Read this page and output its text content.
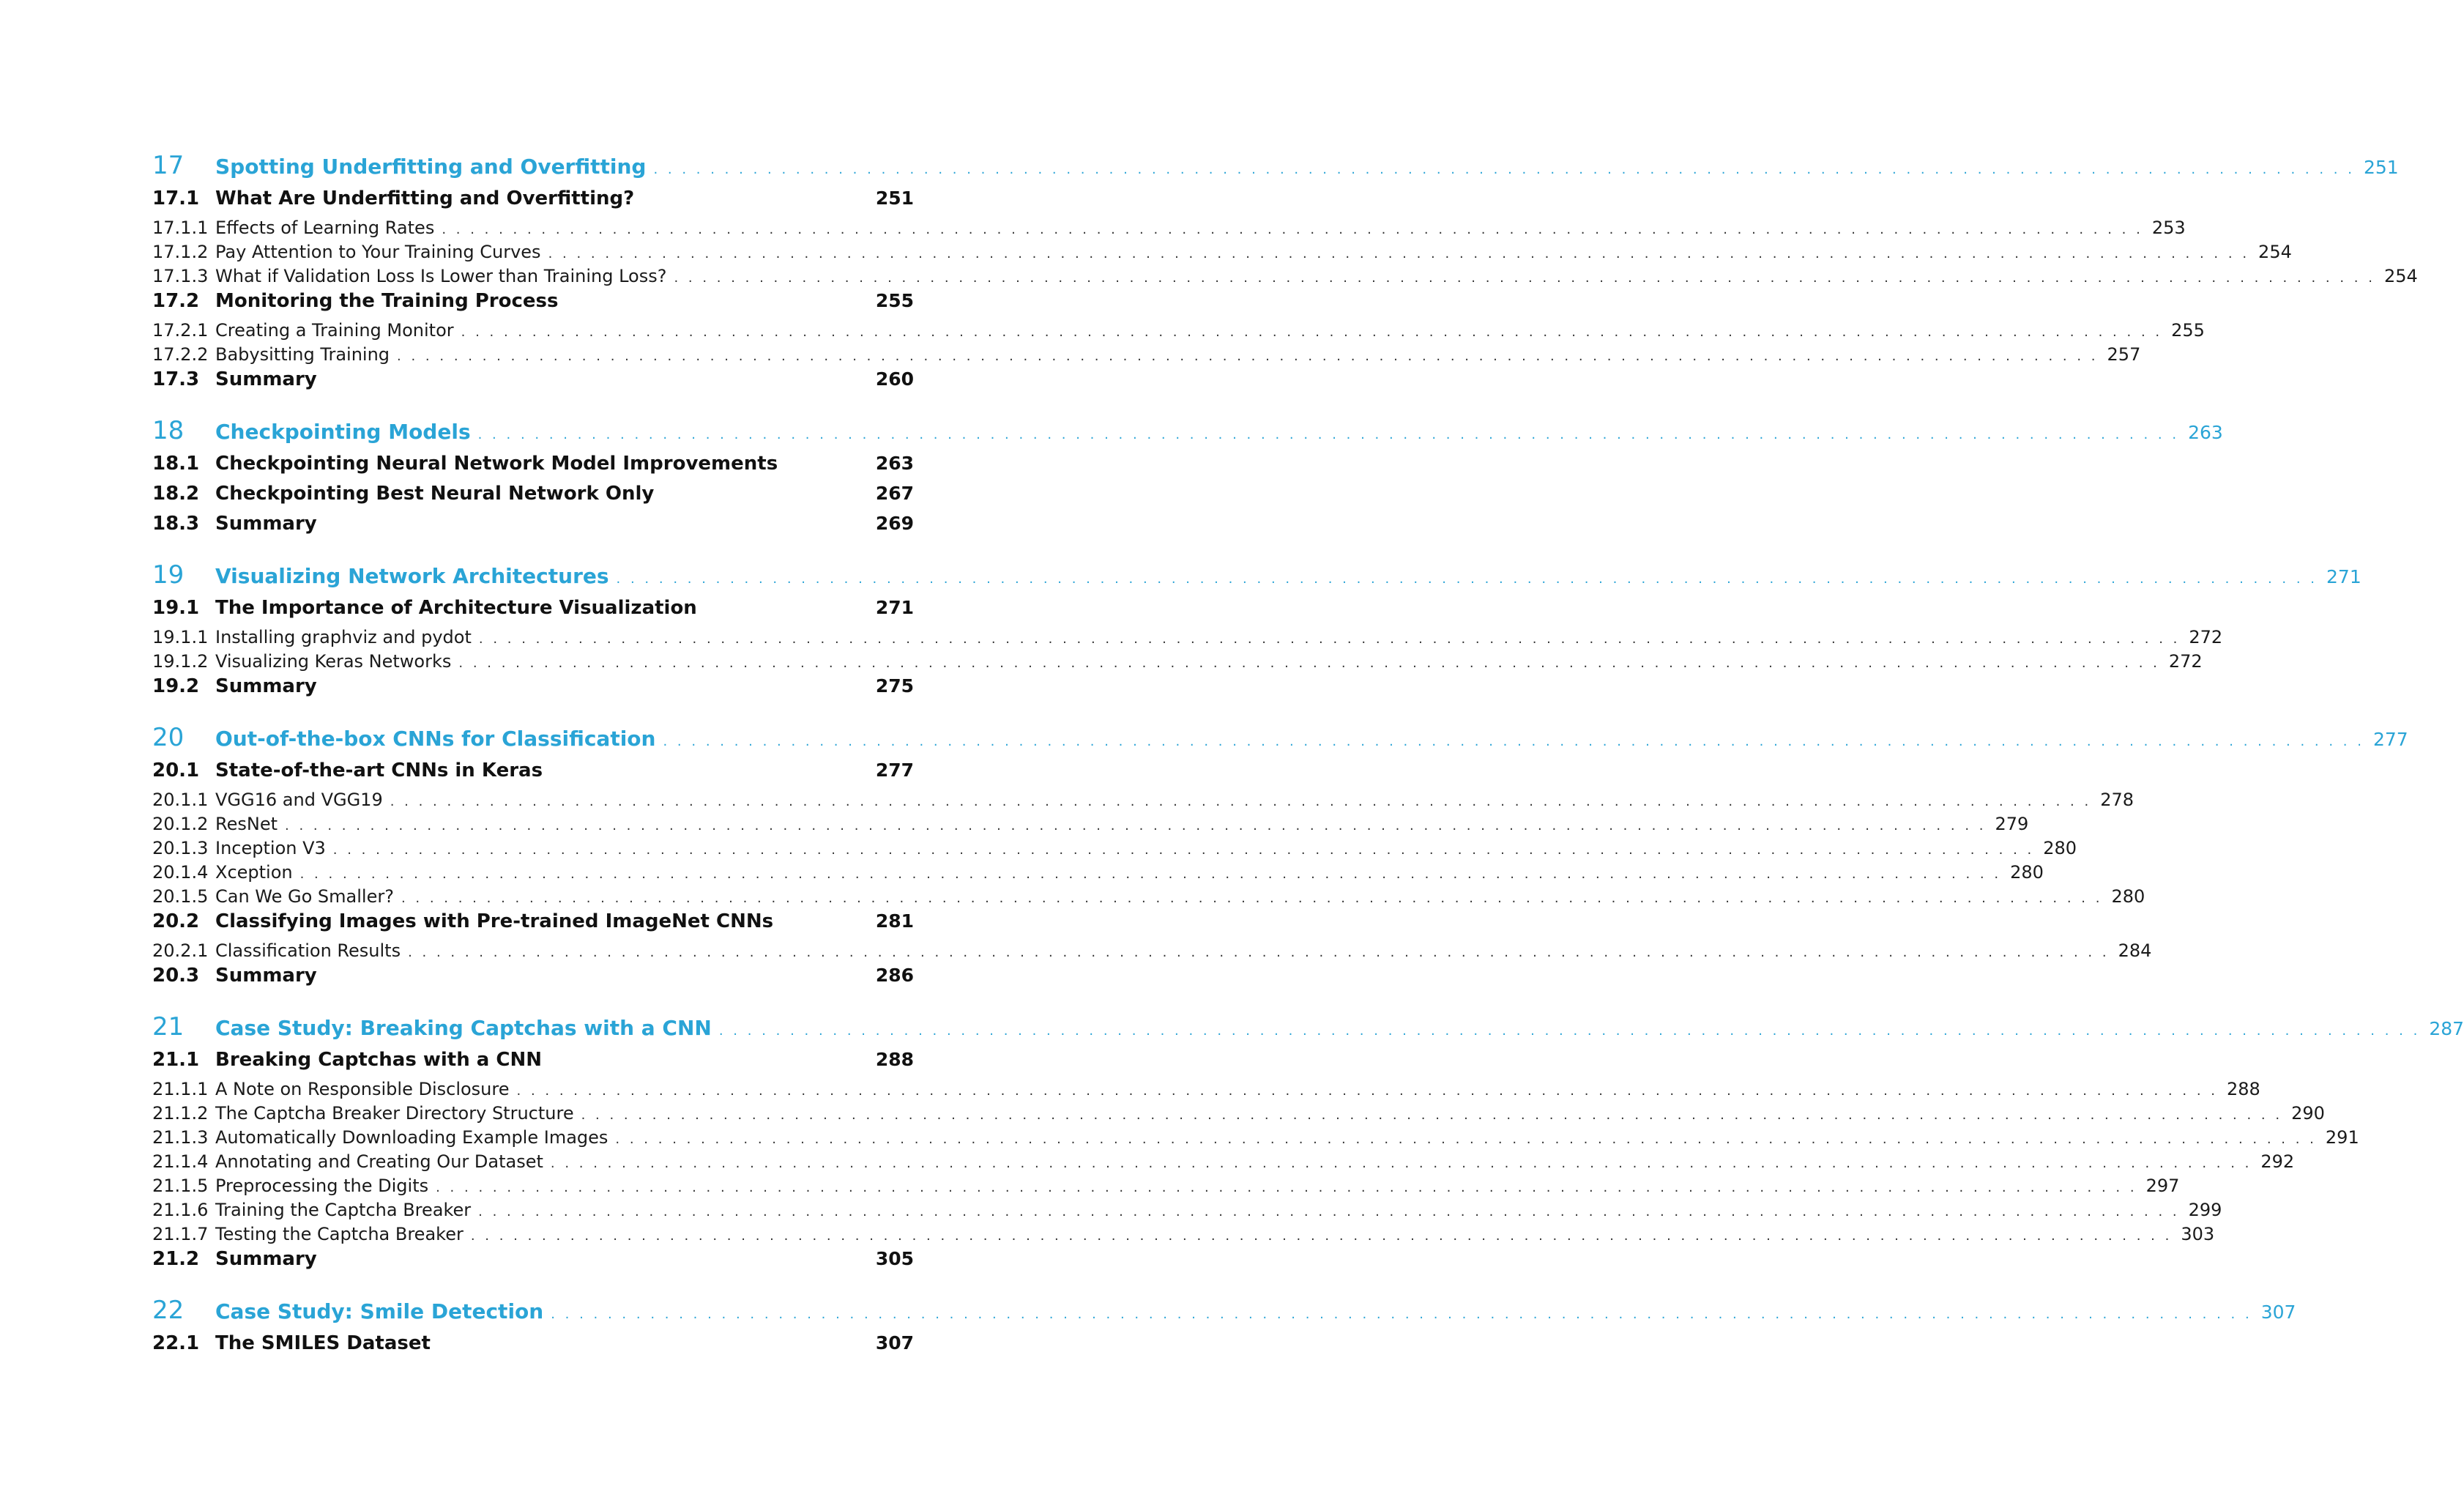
17	Spotting Underfitting and Overfitting . . . . . . . . . . . . . . . . . . . . . . . . . . . . . . . . . . . . . . . . . . . . . . . . . . . . . . . . . . . . . . . . . . . . . . . . . . . . . . . . . . . . . . . . . . . . . . . . . . . . . . . . . . . . . . . . . . . . . . . . 251
17.1 What Are Underfitting and Overfitting?	251
17.1.1 Effects of Learning Rates . . . . . . . . . . . . . . . . . . . . . . . . . . . . . . . . . . . . . . . . . . . . . . . . . . . . . . . . . . . . . . . . . . . . . . . . . . . . . . . . . . . . . . . . . . . . . . . . . . . . . . . . . . . . . . . . . . . . . . . . 253
17.1.2 Pay Attention to Your Training Curves . . . . . . . . . . . . . . . . . . . . . . . . . . . . . . . . . . . . . . . . . . . . . . . . . . . . . . . . . . . . . . . . . . . . . . . . . . . . . . . . . . . . . . . . . . . . . . . . . . . . . . . . . . . . . . . . . . . . . . . . 254
17.1.3 What if Validation Loss Is Lower than Training Loss? . . . . . . . . . . . . . . . . . . . . . . . . . . . . . . . . . . . . . . . . . . . . . . . . . . . . . . . . . . . . . . . . . . . . . . . . . . . . . . . . . . . . . . . . . . . . . . . . . . . . . . . . . . . . . . . . . . . . . . . . 254
17.2 Monitoring the Training Process	255
17.2.1 Creating a Training Monitor . . . . . . . . . . . . . . . . . . . . . . . . . . . . . . . . . . . . . . . . . . . . . . . . . . . . . . . . . . . . . . . . . . . . . . . . . . . . . . . . . . . . . . . . . . . . . . . . . . . . . . . . . . . . . . . . . . . . . . . . 255
17.2.2 Babysitting Training . . . . . . . . . . . . . . . . . . . . . . . . . . . . . . . . . . . . . . . . . . . . . . . . . . . . . . . . . . . . . . . . . . . . . . . . . . . . . . . . . . . . . . . . . . . . . . . . . . . . . . . . . . . . . . . . . . . . . . . . 257
17.3 Summary	260
18	Checkpointing Models . . . . . . . . . . . . . . . . . . . . . . . . . . . . . . . . . . . . . . . . . . . . . . . . . . . . . . . . . . . . . . . . . . . . . . . . . . . . . . . . . . . . . . . . . . . . . . . . . . . . . . . . . . . . . . . . . . . . . . . . 263
18.1 Checkpointing Neural Network Model Improvements	263
18.2 Checkpointing Best Neural Network Only	267
18.3 Summary	269
19	Visualizing Network Architectures . . . . . . . . . . . . . . . . . . . . . . . . . . . . . . . . . . . . . . . . . . . . . . . . . . . . . . . . . . . . . . . . . . . . . . . . . . . . . . . . . . . . . . . . . . . . . . . . . . . . . . . . . . . . . . . . . . . . . . . . 271
19.1 The Importance of Architecture Visualization	271
19.1.1 Installing graphviz and pydot . . . . . . . . . . . . . . . . . . . . . . . . . . . . . . . . . . . . . . . . . . . . . . . . . . . . . . . . . . . . . . . . . . . . . . . . . . . . . . . . . . . . . . . . . . . . . . . . . . . . . . . . . . . . . . . . . . . . . . . . 272
19.1.2 Visualizing Keras Networks . . . . . . . . . . . . . . . . . . . . . . . . . . . . . . . . . . . . . . . . . . . . . . . . . . . . . . . . . . . . . . . . . . . . . . . . . . . . . . . . . . . . . . . . . . . . . . . . . . . . . . . . . . . . . . . . . . . . . . . . 272
19.2 Summary	275
20	Out-of-the-box CNNs for Classification . . . . . . . . . . . . . . . . . . . . . . . . . . . . . . . . . . . . . . . . . . . . . . . . . . . . . . . . . . . . . . . . . . . . . . . . . . . . . . . . . . . . . . . . . . . . . . . . . . . . . . . . . . . . . . . . . . . . . . . . 277
20.1 State-of-the-art CNNs in Keras	277
20.1.1 VGG16 and VGG19 . . . . . . . . . . . . . . . . . . . . . . . . . . . . . . . . . . . . . . . . . . . . . . . . . . . . . . . . . . . . . . . . . . . . . . . . . . . . . . . . . . . . . . . . . . . . . . . . . . . . . . . . . . . . . . . . . . . . . . . . 278
20.1.2 ResNet . . . . . . . . . . . . . . . . . . . . . . . . . . . . . . . . . . . . . . . . . . . . . . . . . . . . . . . . . . . . . . . . . . . . . . . . . . . . . . . . . . . . . . . . . . . . . . . . . . . . . . . . . . . . . . . . . . . . . . . . 279
20.1.3 Inception V3 . . . . . . . . . . . . . . . . . . . . . . . . . . . . . . . . . . . . . . . . . . . . . . . . . . . . . . . . . . . . . . . . . . . . . . . . . . . . . . . . . . . . . . . . . . . . . . . . . . . . . . . . . . . . . . . . . . . . . . . . 280
20.1.4 Xception . . . . . . . . . . . . . . . . . . . . . . . . . . . . . . . . . . . . . . . . . . . . . . . . . . . . . . . . . . . . . . . . . . . . . . . . . . . . . . . . . . . . . . . . . . . . . . . . . . . . . . . . . . . . . . . . . . . . . . . . 280
20.1.5 Can We Go Smaller? . . . . . . . . . . . . . . . . . . . . . . . . . . . . . . . . . . . . . . . . . . . . . . . . . . . . . . . . . . . . . . . . . . . . . . . . . . . . . . . . . . . . . . . . . . . . . . . . . . . . . . . . . . . . . . . . . . . . . . . . 280
20.2 Classifying Images with Pre-trained ImageNet CNNs	281
20.2.1 Classification Results . . . . . . . . . . . . . . . . . . . . . . . . . . . . . . . . . . . . . . . . . . . . . . . . . . . . . . . . . . . . . . . . . . . . . . . . . . . . . . . . . . . . . . . . . . . . . . . . . . . . . . . . . . . . . . . . . . . . . . . . 284
20.3 Summary	286
21	Case Study: Breaking Captchas with a CNN . . . . . . . . . . . . . . . . . . . . . . . . . . . . . . . . . . . . . . . . . . . . . . . . . . . . . . . . . . . . . . . . . . . . . . . . . . . . . . . . . . . . . . . . . . . . . . . . . . . . . . . . . . . . . . . . . . . . . . . . 287
21.1 Breaking Captchas with a CNN	288
21.1.1 A Note on Responsible Disclosure . . . . . . . . . . . . . . . . . . . . . . . . . . . . . . . . . . . . . . . . . . . . . . . . . . . . . . . . . . . . . . . . . . . . . . . . . . . . . . . . . . . . . . . . . . . . . . . . . . . . . . . . . . . . . . . . . . . . . . . . 288
21.1.2 The Captcha Breaker Directory Structure . . . . . . . . . . . . . . . . . . . . . . . . . . . . . . . . . . . . . . . . . . . . . . . . . . . . . . . . . . . . . . . . . . . . . . . . . . . . . . . . . . . . . . . . . . . . . . . . . . . . . . . . . . . . . . . . . . . . . . . . 290
21.1.3 Automatically Downloading Example Images . . . . . . . . . . . . . . . . . . . . . . . . . . . . . . . . . . . . . . . . . . . . . . . . . . . . . . . . . . . . . . . . . . . . . . . . . . . . . . . . . . . . . . . . . . . . . . . . . . . . . . . . . . . . . . . . . . . . . . . . 291
21.1.4 Annotating and Creating Our Dataset . . . . . . . . . . . . . . . . . . . . . . . . . . . . . . . . . . . . . . . . . . . . . . . . . . . . . . . . . . . . . . . . . . . . . . . . . . . . . . . . . . . . . . . . . . . . . . . . . . . . . . . . . . . . . . . . . . . . . . . . 292
21.1.5 Preprocessing the Digits . . . . . . . . . . . . . . . . . . . . . . . . . . . . . . . . . . . . . . . . . . . . . . . . . . . . . . . . . . . . . . . . . . . . . . . . . . . . . . . . . . . . . . . . . . . . . . . . . . . . . . . . . . . . . . . . . . . . . . . . 297
21.1.6 Training the Captcha Breaker . . . . . . . . . . . . . . . . . . . . . . . . . . . . . . . . . . . . . . . . . . . . . . . . . . . . . . . . . . . . . . . . . . . . . . . . . . . . . . . . . . . . . . . . . . . . . . . . . . . . . . . . . . . . . . . . . . . . . . . . 299
21.1.7 Testing the Captcha Breaker . . . . . . . . . . . . . . . . . . . . . . . . . . . . . . . . . . . . . . . . . . . . . . . . . . . . . . . . . . . . . . . . . . . . . . . . . . . . . . . . . . . . . . . . . . . . . . . . . . . . . . . . . . . . . . . . . . . . . . . . 303
21.2 Summary	305
22	Case Study: Smile Detection . . . . . . . . . . . . . . . . . . . . . . . . . . . . . . . . . . . . . . . . . . . . . . . . . . . . . . . . . . . . . . . . . . . . . . . . . . . . . . . . . . . . . . . . . . . . . . . . . . . . . . . . . . . . . . . . . . . . . . . . 307
22.1 The SMILES Dataset	307
